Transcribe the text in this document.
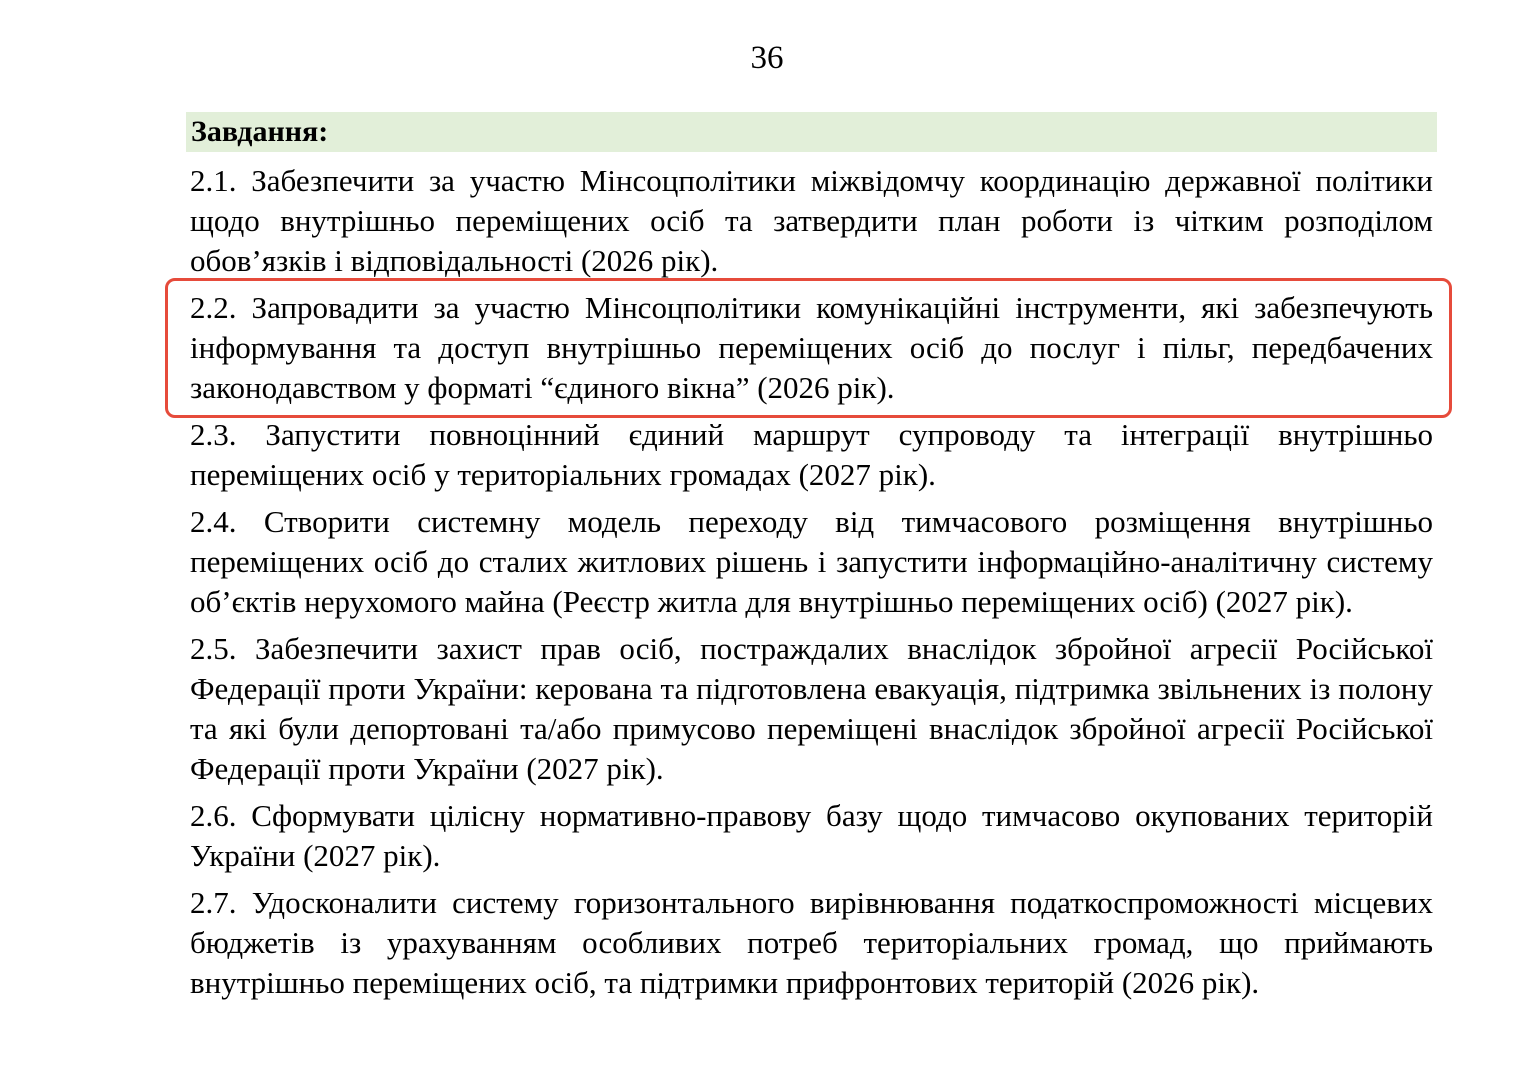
36
Завдання:
2.1. Забезпечити за участю Мінсоцполітики міжвідомчу координацію державної політики щодо внутрішньо переміщених осіб та затвердити план роботи із чітким розподілом обов’язків і відповідальності (2026 рік).
2.2. Запровадити за участю Мінсоцполітики комунікаційні інструменти, які забезпечують інформування та доступ внутрішньо переміщених осіб до послуг і пільг, передбачених законодавством у форматі “єдиного вікна” (2026 рік).
2.3. Запустити повноцінний єдиний маршрут супроводу та інтеграції внутрішньо переміщених осіб у територіальних громадах (2027 рік).
2.4. Створити системну модель переходу від тимчасового розміщення внутрішньо переміщених осіб до сталих житлових рішень і запустити інформаційно-аналітичну систему об’єктів нерухомого майна (Реєстр житла для внутрішньо переміщених осіб) (2027 рік).
2.5. Забезпечити захист прав осіб, постраждалих внаслідок збройної агресії Російської Федерації проти України: керована та підготовлена евакуація, підтримка звільнених із полону та які були депортовані та/або примусово переміщені внаслідок збройної агресії Російської Федерації проти України (2027 рік).
2.6. Сформувати цілісну нормативно-правову базу щодо тимчасово окупованих територій України (2027 рік).
2.7. Удосконалити систему горизонтального вирівнювання податкоспроможності місцевих бюджетів із урахуванням особливих потреб територіальних громад, що приймають внутрішньо переміщених осіб, та підтримки прифронтових територій (2026 рік).
